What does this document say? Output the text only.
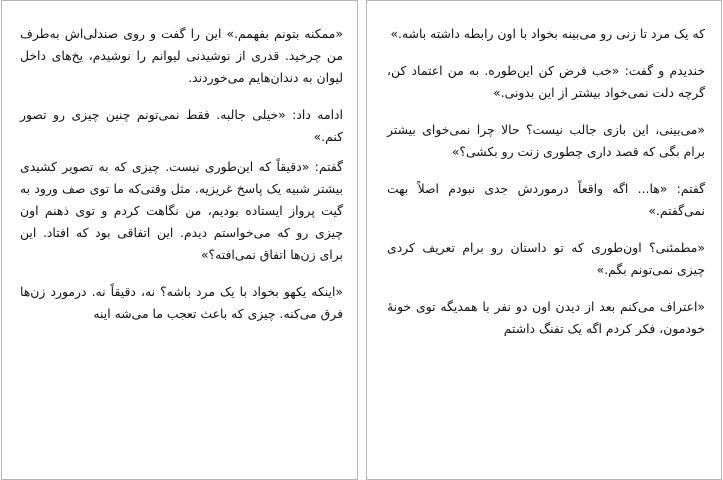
«ممکنه بتونم بفهمم.» این را گفت و روی صندلی‌اش به‌طرف من چرخید. قدری از نوشیدنی لیوانم را نوشیدم، یخ‌های داخل لیوان به دندان‌هایم می‌خوردند.

ادامه داد: «خیلی جالبه. فقط نمی‌تونم چنین چیزی رو تصور کنم.»

گفتم: «دقیقاً که این‌طوری نیست. چیزی که به تصویر کشیدی بیشتر شبیه یک پاسخ غریزیه. مثل وقتی‌که ما توی صف ورود به گیت پرواز ایستاده بودیم، من نگاهت کردم و توی ذهنم اون چیزی رو که می‌خواستم دیدم. این اتفاقی بود که افتاد. این برای زن‌ها اتفاق نمی‌افته؟»

«اینکه یکهو بخواد با یک مرد باشه؟ نه، دقیقاً نه. درمورد زن‌ها فرق می‌کنه. چیزی که باعث تعجب ما می‌شه اینه

که یک مرد تا زنی رو می‌بینه بخواد با اون رابطه داشته باشه.»

خندیدم و گفت: «خب فرض کن این‌طوره. به من اعتماد کن، گرچه دلت نمی‌خواد بیشتر از این بدونی.»

«می‌بینی، این بازی جالب نیست؟ حالا چرا نمی‌خوای بیشتر برام بگی که قصد داری چطوری زنت رو بکشی؟»

گفتم: «ها... اگه واقعاً درموردش جدی نبودم اصلاً بهت نمی‌گفتم.»

«مطمئنی؟ اون‌طوری که تو داستان رو برام تعریف کردی چیزی نمی‌تونم بگم.»

«اعتراف می‌کنم بعد از دیدن اون دو نفر با همدیگه توی خونهٔ خودمون، فکر کردم اگه یک تفنگ داشتم
